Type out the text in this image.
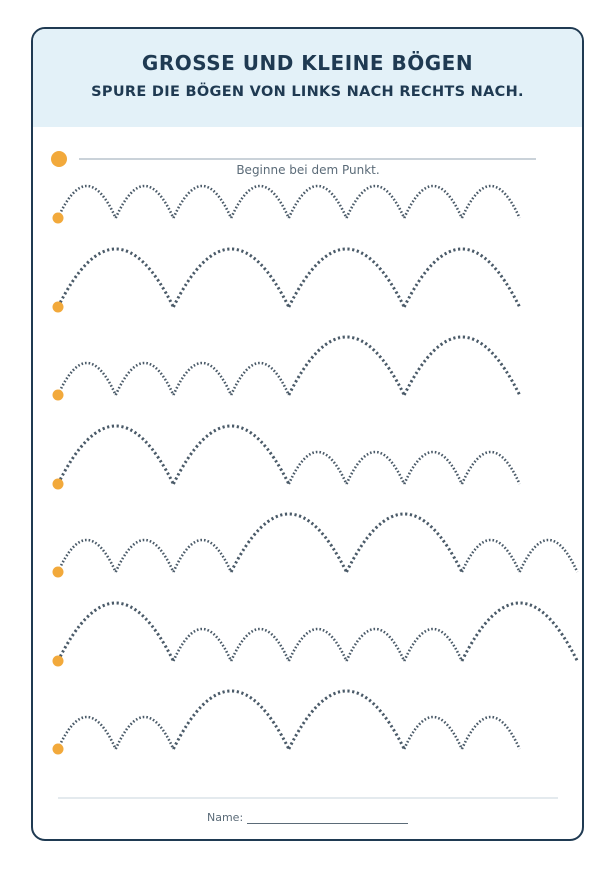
GROSSE UND KLEINE BÖGEN
SPURE DIE BÖGEN VON LINKS NACH RECHTS NACH.
Beginne bei dem Punkt.
Name:
